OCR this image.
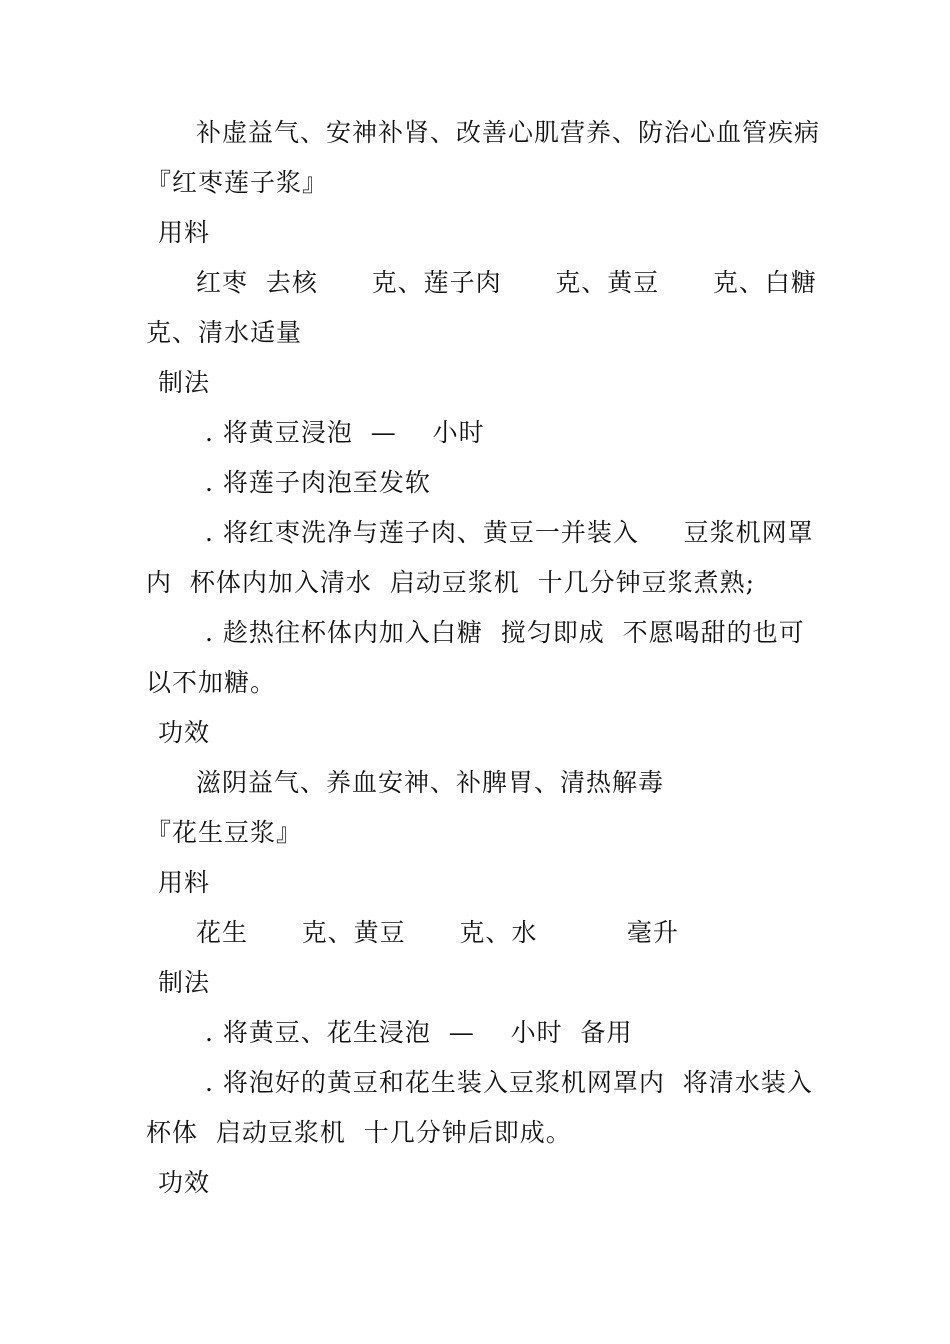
补虚益气、安神补肾、改善心肌营养、防治心血管疾病
『红枣莲子浆』
用料
红枣  去核      克、莲子肉      克、黄豆      克、白糖
克、清水适量
制法
. 将黄豆浸泡  —    小时
. 将莲子肉泡至发软
. 将红枣洗净与莲子肉、黄豆一并装入     豆浆机网罩
内  杯体内加入清水  启动豆浆机  十几分钟豆浆煮熟;
. 趁热往杯体内加入白糖  搅匀即成  不愿喝甜的也可
以不加糖。
功效
滋阴益气、养血安神、补脾胃、清热解毒
『花生豆浆』
用料
花生      克、黄豆      克、水          毫升
制法
. 将黄豆、花生浸泡  —    小时  备用
. 将泡好的黄豆和花生装入豆浆机网罩内  将清水装入
杯体  启动豆浆机  十几分钟后即成。
功效
